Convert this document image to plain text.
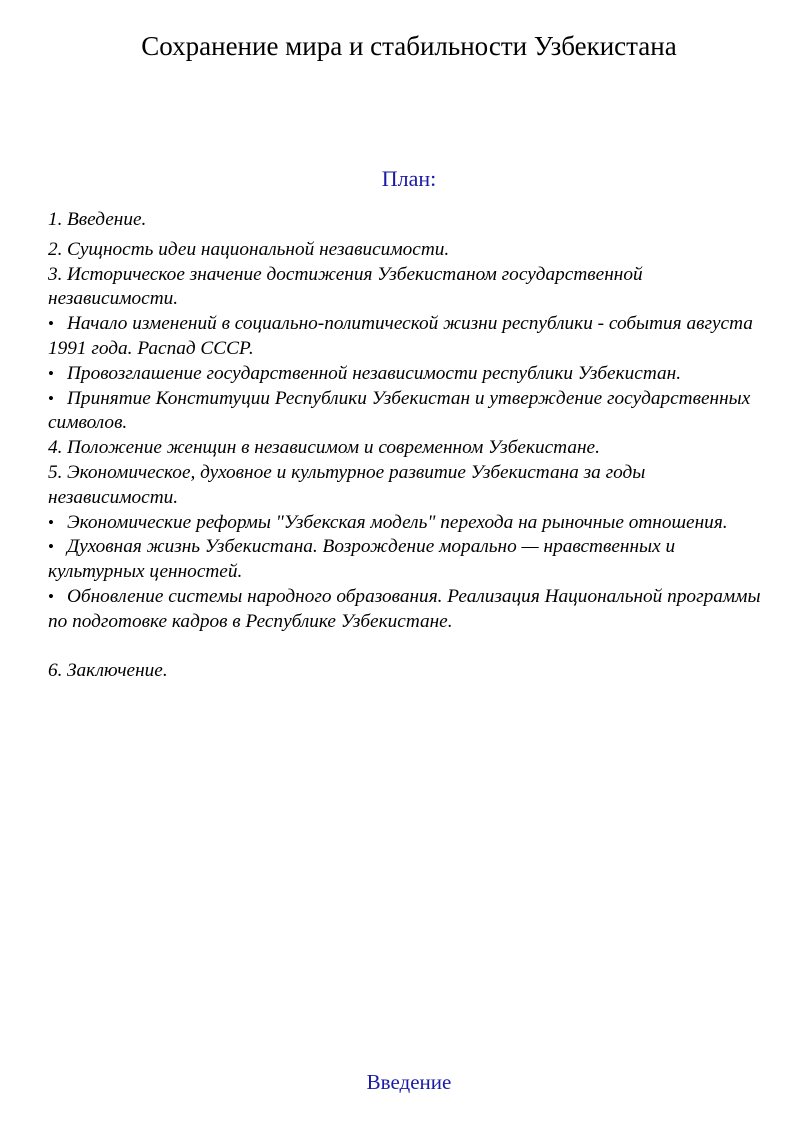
Сохранение мира и стабильности Узбекистана
План:
1. Введение.
2. Сущность идеи национальной независимости.
3. Историческое значение достижения Узбекистаном государственной независимости.
• Начало изменений в социально-политической жизни республики - события августа 1991 года. Распад СССР.
• Провозглашение государственной независимости республики Узбекистан.
• Принятие Конституции Республики Узбекистан и утверждение государственных символов.
4. Положение женщин в независимом и современном Узбекистане.
5. Экономическое, духовное и культурное развитие Узбекистана за годы независимости.
• Экономические реформы "Узбекская модель" перехода на рыночные отношения.
• Духовная жизнь Узбекистана. Возрождение морально — нравственных и культурных ценностей.
• Обновление системы народного образования. Реализация Национальной программы по подготовке кадров в Республике Узбекистане.
6. Заключение.
Введение
